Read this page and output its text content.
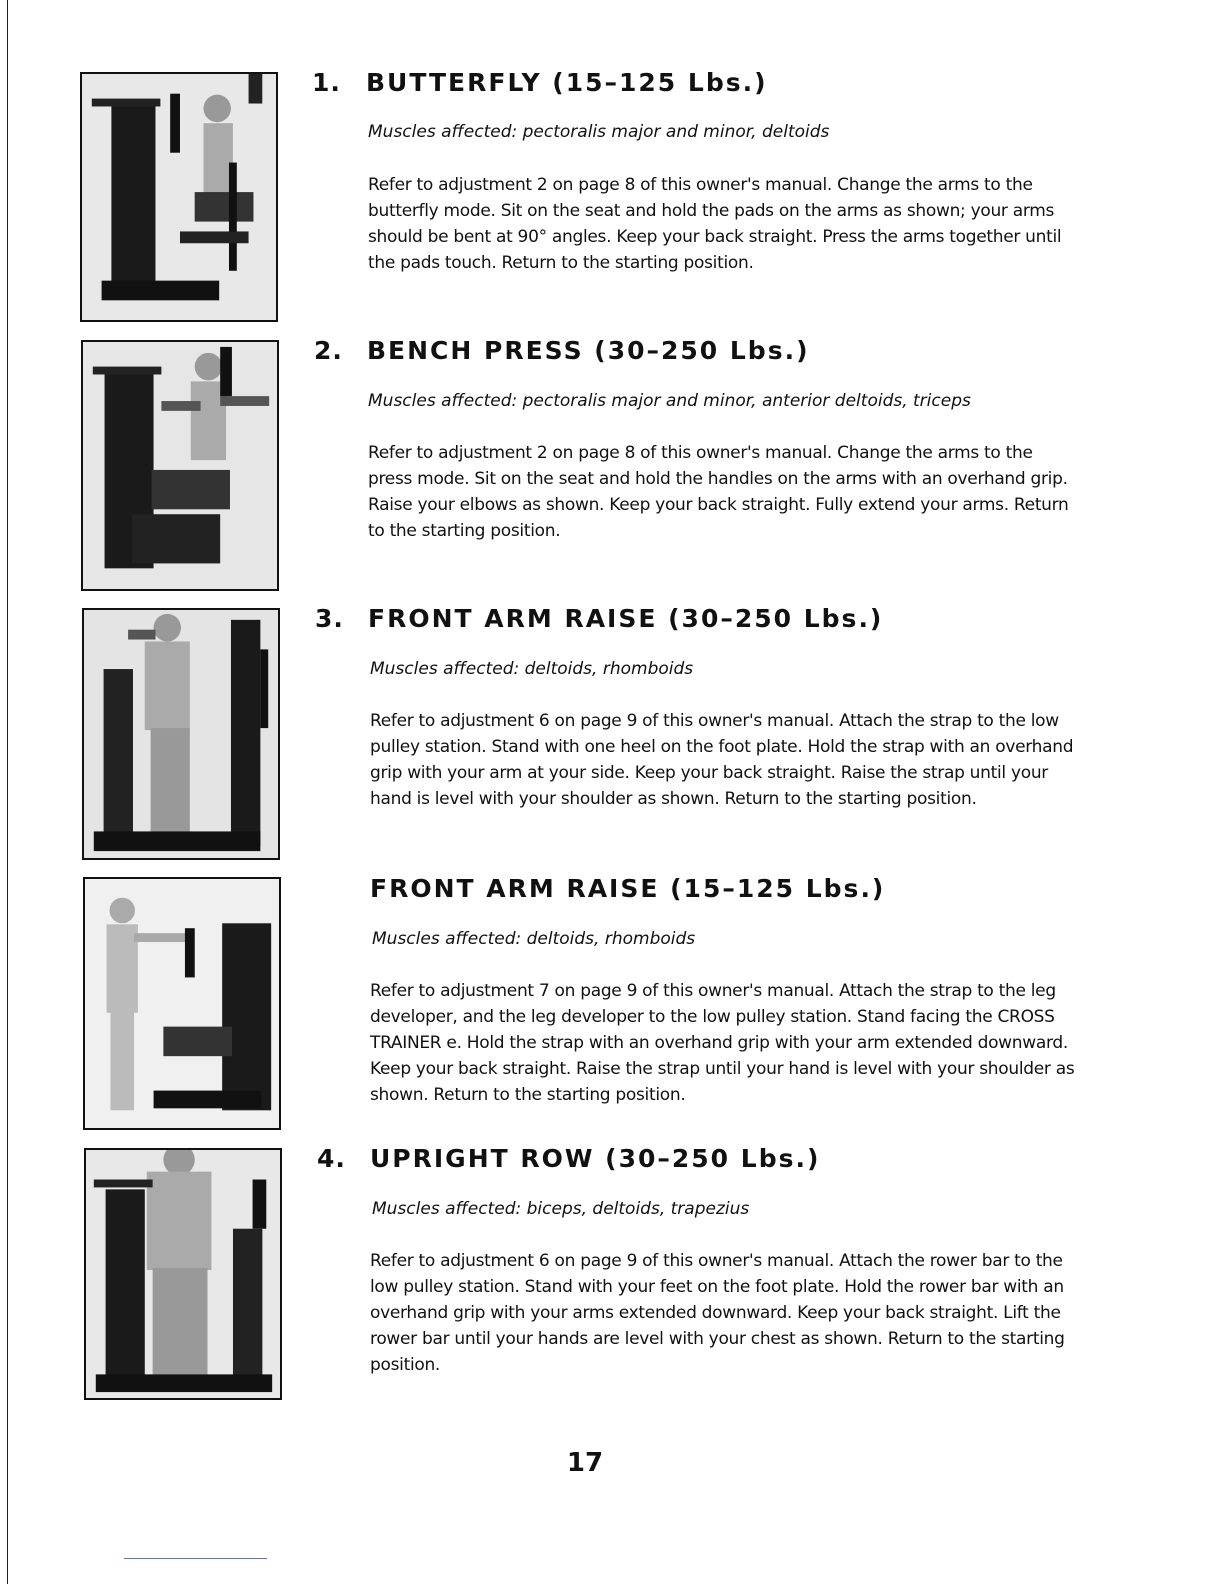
1. BUTTERFLY (15–125 Lbs.)
Muscles affected: pectoralis major and minor, deltoids
Refer to adjustment 2 on page 8 of this owner's manual. Change the arms to the butterfly mode. Sit on the seat and hold the pads on the arms as shown; your arms should be bent at 90° angles. Keep your back straight. Press the arms together until the pads touch. Return to the starting position.
2. BENCH PRESS (30–250 Lbs.)
Muscles affected: pectoralis major and minor, anterior deltoids, triceps
Refer to adjustment 2 on page 8 of this owner's manual. Change the arms to the press mode. Sit on the seat and hold the handles on the arms with an overhand grip. Raise your elbows as shown. Keep your back straight. Fully extend your arms. Return to the starting position.
3. FRONT ARM RAISE (30–250 Lbs.)
Muscles affected: deltoids, rhomboids
Refer to adjustment 6 on page 9 of this owner's manual. Attach the strap to the low pulley station. Stand with one heel on the foot plate. Hold the strap with an overhand grip with your arm at your side. Keep your back straight. Raise the strap until your hand is level with your shoulder as shown. Return to the starting position.
FRONT ARM RAISE (15–125 Lbs.)
Muscles affected: deltoids, rhomboids
Refer to adjustment 7 on page 9 of this owner's manual. Attach the strap to the leg developer, and the leg developer to the low pulley station. Stand facing the CROSS TRAINER e. Hold the strap with an overhand grip with your arm extended downward. Keep your back straight. Raise the strap until your hand is level with your shoulder as shown. Return to the starting position.
4. UPRIGHT ROW (30–250 Lbs.)
Muscles affected: biceps, deltoids, trapezius
Refer to adjustment 6 on page 9 of this owner's manual. Attach the rower bar to the low pulley station. Stand with your feet on the foot plate. Hold the rower bar with an overhand grip with your arms extended downward. Keep your back straight. Lift the rower bar until your hands are level with your chest as shown. Return to the starting position.
17
